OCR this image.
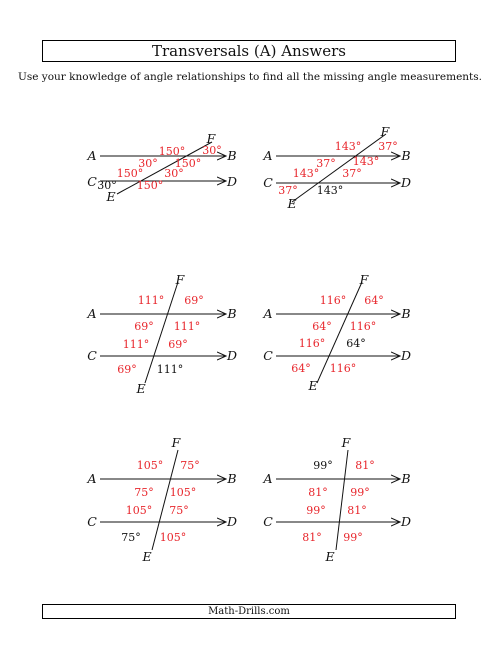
Transversals (A) Answers
Use your knowledge of angle relationships to find all the missing angle measurements.
A	B
C	D
E
F
150° 30°
30° 150°
150° 30°
30° 150°
A	B
C	D
E
F
143° 37°
37° 143°
143° 37°
37° 143°
A	B
C	D
E
F
111° 69°
69° 111°
111° 69°
69° 111°
A	B
C	D
E
F
116° 64°
64° 116°
116° 64°
64° 116°
A	B
C	D
E
F
105° 75°
75° 105°
105° 75°
75° 105°
A	B
C	D
E
F
99° 81°
81° 99°
99° 81°
81° 99°
Math-Drills.com
